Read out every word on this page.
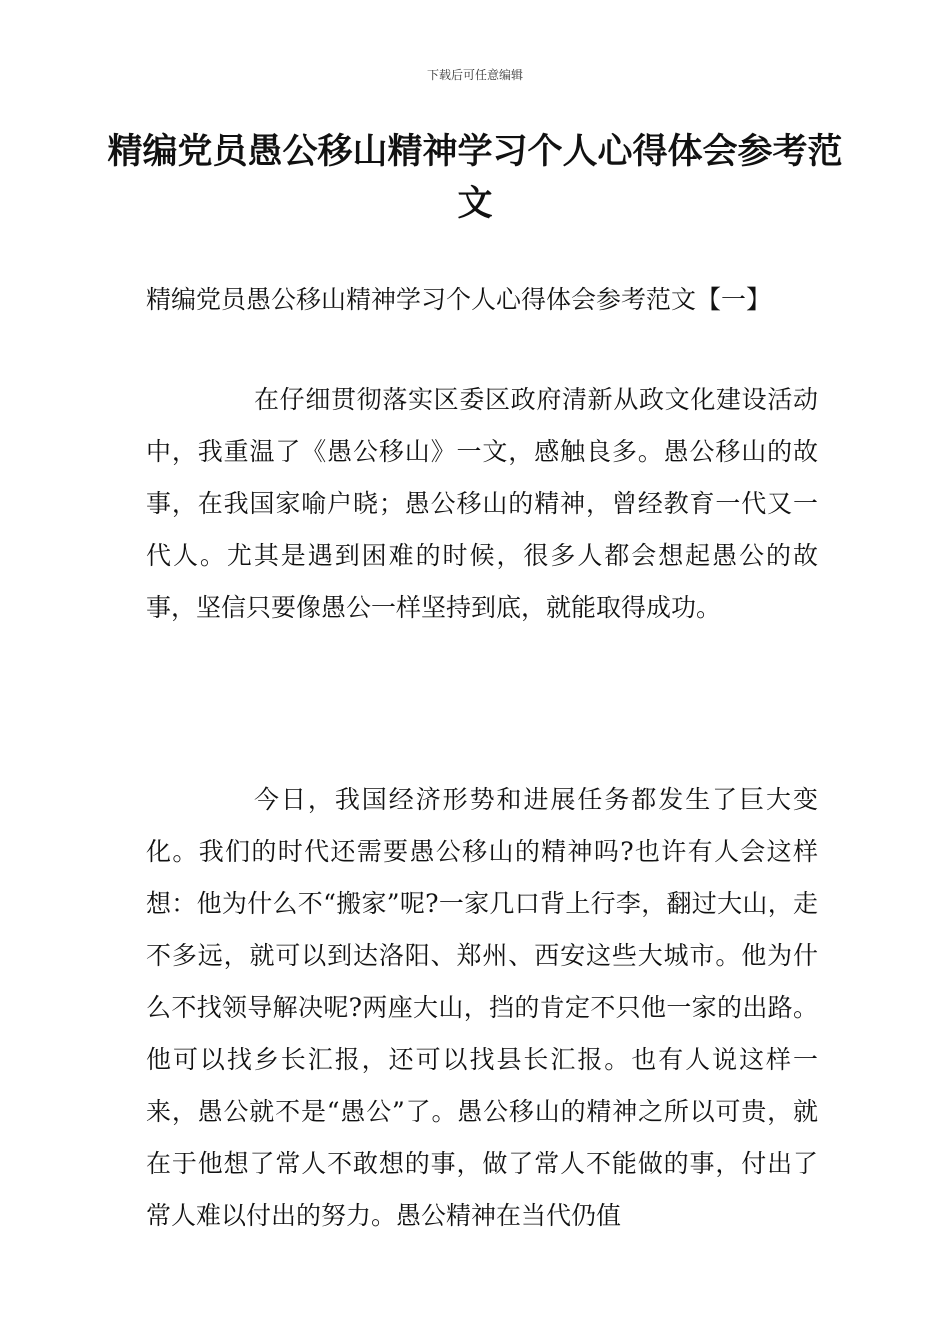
下载后可任意编辑
精编党员愚公移山精神学习个人心得体会参考范文
精编党员愚公移山精神学习个人心得体会参考范文【一】

在仔细贯彻落实区委区政府清新从政文化建设活动中，我重温了《愚公移山》一文，感触良多。愚公移山的故事，在我国家喻户晓；愚公移山的精神，曾经教育一代又一代人。尤其是遇到困难的时候，很多人都会想起愚公的故事，坚信只要像愚公一样坚持到底，就能取得成功。

今日，我国经济形势和进展任务都发生了巨大变化。我们的时代还需要愚公移山的精神吗?也许有人会这样想：他为什么不“搬家”呢?一家几口背上行李，翻过大山，走不多远，就可以到达洛阳、郑州、西安这些大城市。他为什么不找领导解决呢?两座大山，挡的肯定不只他一家的出路。他可以找乡长汇报，还可以找县长汇报。也有人说这样一来，愚公就不是“愚公”了。愚公移山的精神之所以可贵，就在于他想了常人不敢想的事，做了常人不能做的事，付出了常人难以付出的努力。愚公精神在当代仍值
